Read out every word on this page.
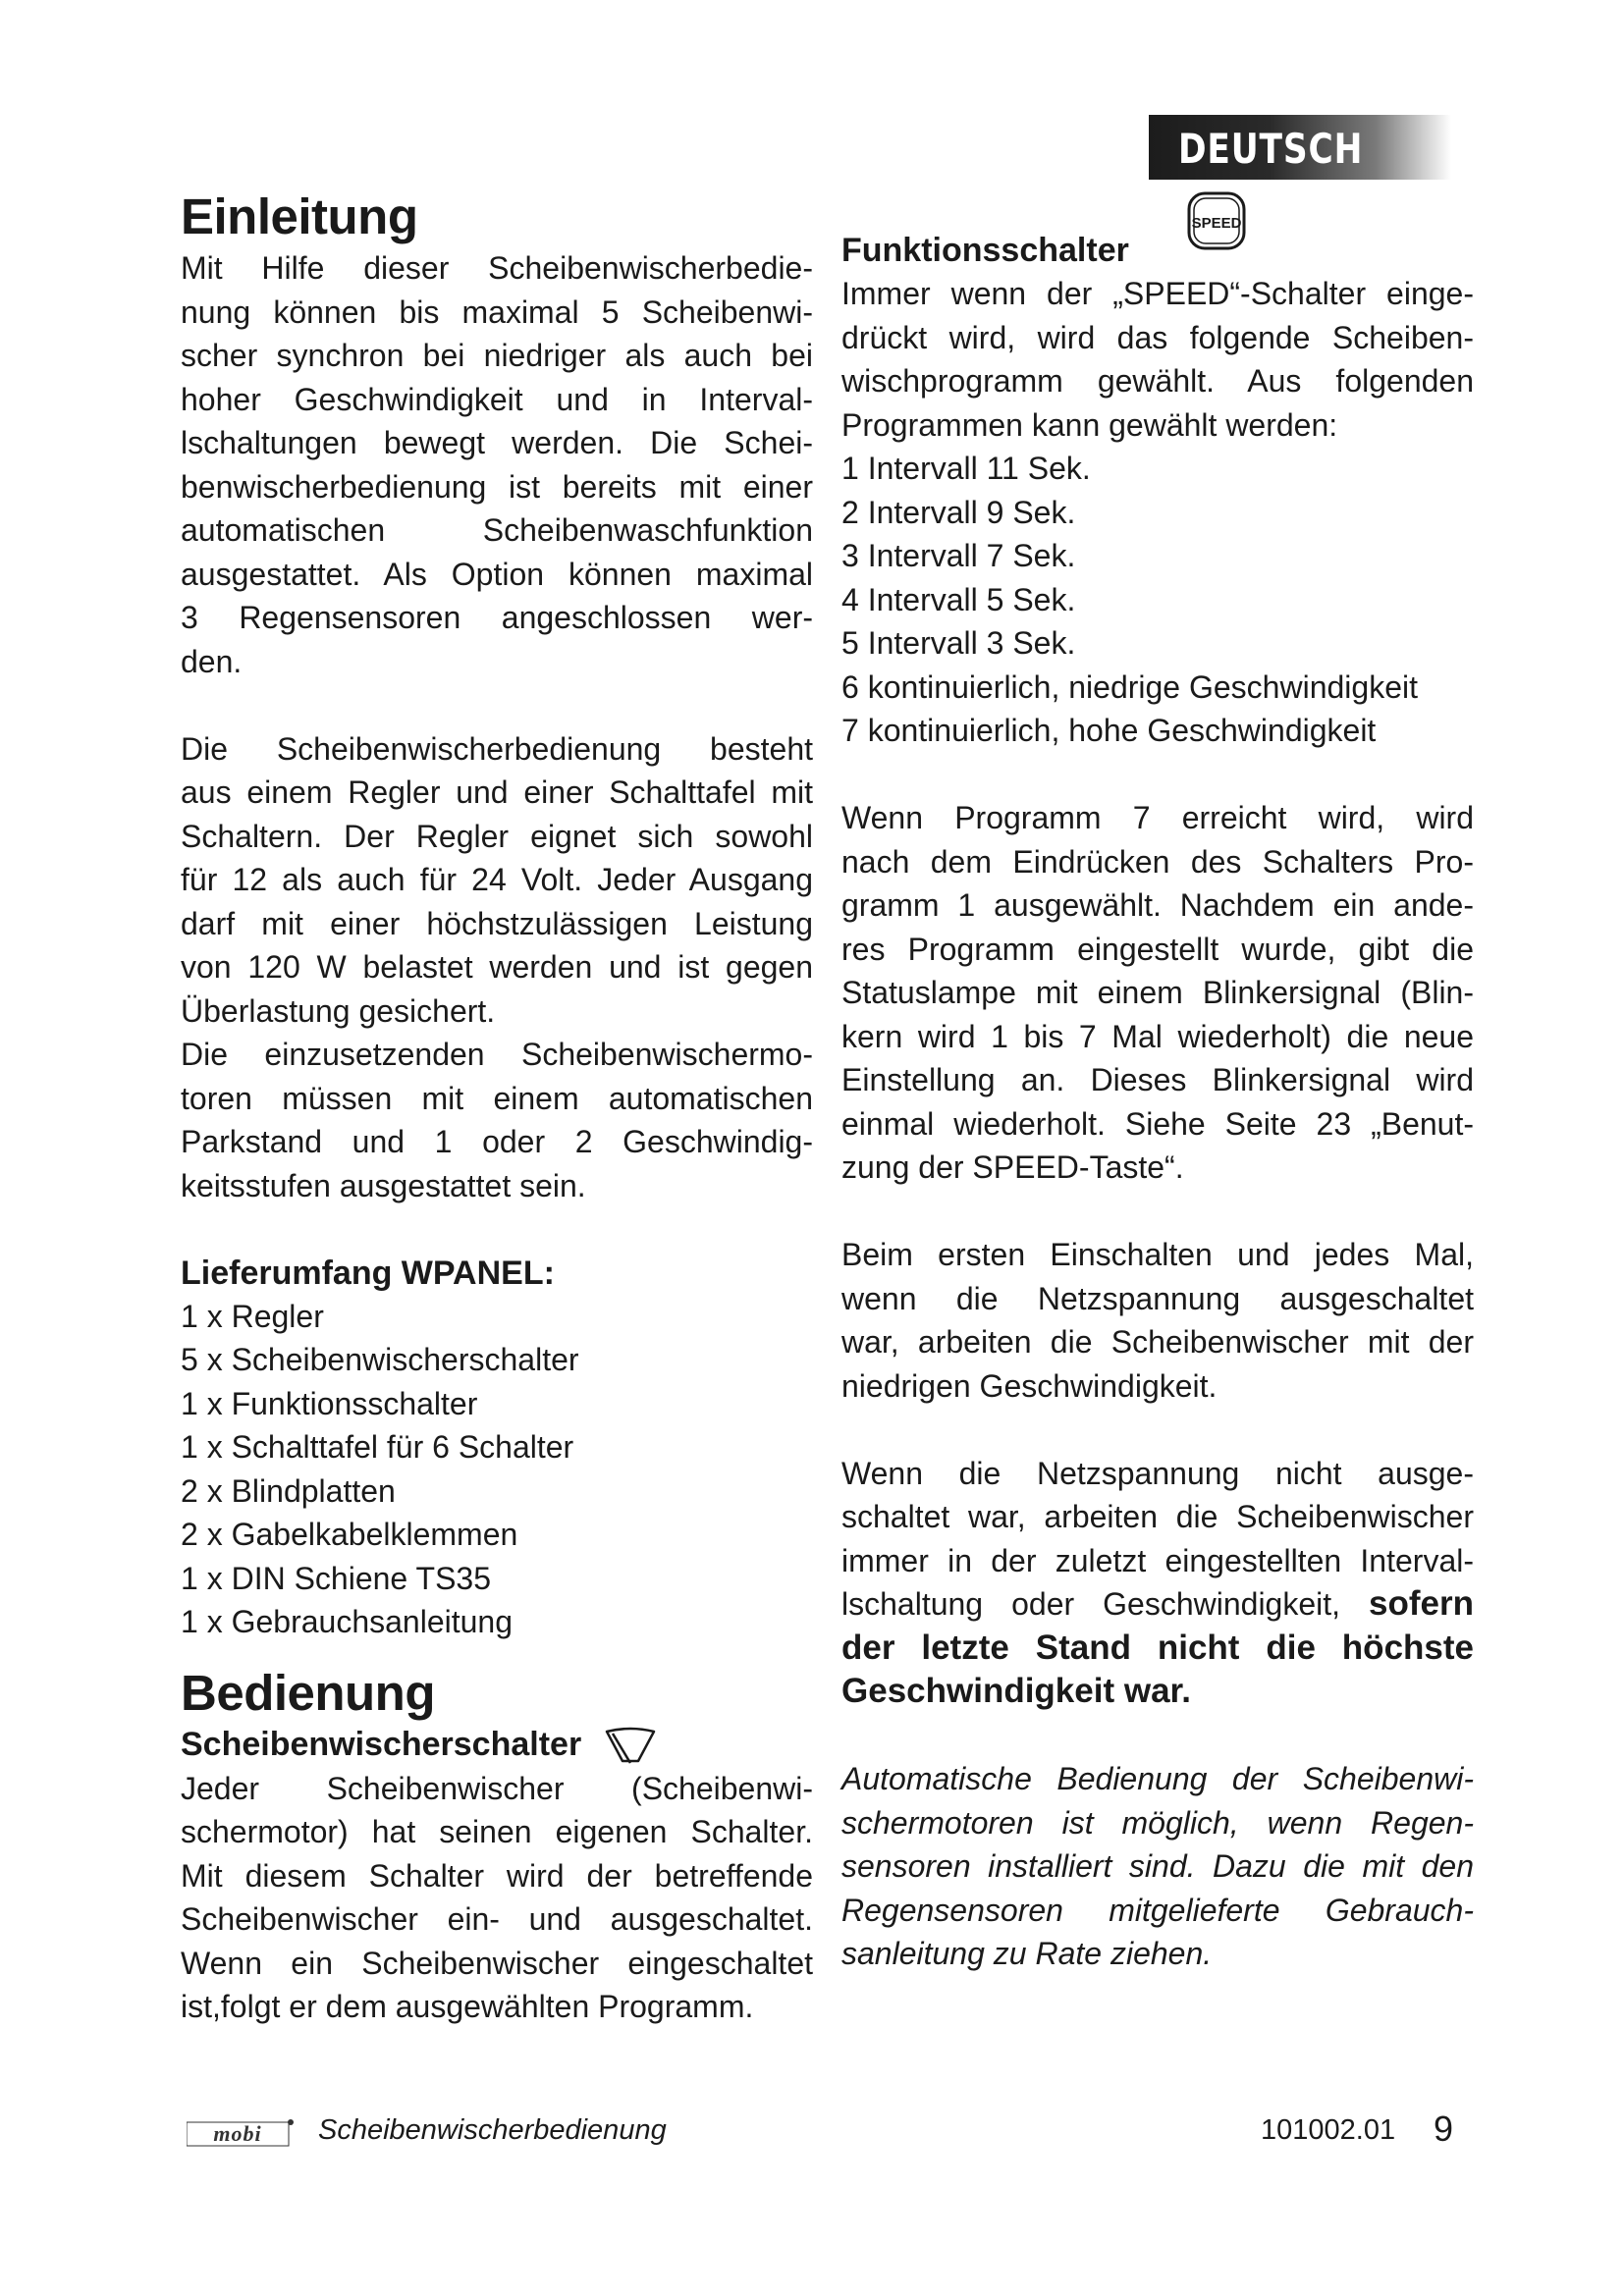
DEUTSCH
Einleitung
Mit Hilfe dieser Scheibenwischerbedie-
nung können bis maximal 5 Scheibenwi-
scher synchron bei niedriger als auch bei
hoher Geschwindigkeit und in Interval-
lschaltungen bewegt werden. Die Schei-
benwischerbedienung ist bereits mit einer
automatischen Scheibenwaschfunktion
ausgestattet. Als Option können maximal
3 Regensensoren angeschlossen wer-
den.
Die Scheibenwischerbedienung besteht
aus einem Regler und einer Schalttafel mit
Schaltern. Der Regler eignet sich sowohl
für 12 als auch für 24 Volt. Jeder Ausgang
darf mit einer höchstzulässigen Leistung
von 120 W belastet werden und ist gegen
Überlastung gesichert.
Die einzusetzenden Scheibenwischermo-
toren müssen mit einem automatischen
Parkstand und 1 oder 2 Geschwindig-
keitsstufen ausgestattet sein.
Lieferumfang WPANEL:
1 x Regler
5 x Scheibenwischerschalter
1 x Funktionsschalter
1 x Schalttafel für 6 Schalter
2 x Blindplatten
2 x Gabelkabelklemmen
1 x DIN Schiene TS35
1 x Gebrauchsanleitung
Bedienung
Scheibenwischerschalter
Jeder Scheibenwischer (Scheibenwi-
schermotor) hat seinen eigenen Schalter.
Mit diesem Schalter wird der betreffende
Scheibenwischer ein- und ausgeschaltet.
Wenn ein Scheibenwischer eingeschaltet
ist,folgt er dem ausgewählten Programm.
Funktionsschalter
SPEED
Immer wenn der „SPEED“-Schalter einge-
drückt wird, wird das folgende Scheiben-
wischprogramm gewählt. Aus folgenden
Programmen kann gewählt werden:
1 Intervall 11 Sek.
2 Intervall 9 Sek.
3 Intervall 7 Sek.
4 Intervall 5 Sek.
5 Intervall 3 Sek.
6 kontinuierlich, niedrige Geschwindigkeit
7 kontinuierlich, hohe Geschwindigkeit
Wenn Programm 7 erreicht wird, wird
nach dem Eindrücken des Schalters Pro-
gramm 1 ausgewählt. Nachdem ein ande-
res Programm eingestellt wurde, gibt die
Statuslampe mit einem Blinkersignal (Blin-
kern wird 1 bis 7 Mal wiederholt) die neue
Einstellung an. Dieses Blinkersignal wird
einmal wiederholt. Siehe Seite 23 „Benut-
zung der SPEED-Taste“.
Beim ersten Einschalten und jedes Mal,
wenn die Netzspannung ausgeschaltet
war, arbeiten die Scheibenwischer mit der
niedrigen Geschwindigkeit.
Wenn die Netzspannung nicht ausge-
schaltet war, arbeiten die Scheibenwischer
immer in der zuletzt eingestellten Interval-
lschaltung oder Geschwindigkeit, sofern
der letzte Stand nicht die höchste
Geschwindigkeit war.
Automatische Bedienung der Scheibenwi-
schermotoren ist möglich, wenn Regen-
sensoren installiert sind. Dazu die mit den
Regensensoren mitgelieferte Gebrauch-
sanleitung zu Rate ziehen.
mobi Scheibenwischerbedienung	101002.01 9
